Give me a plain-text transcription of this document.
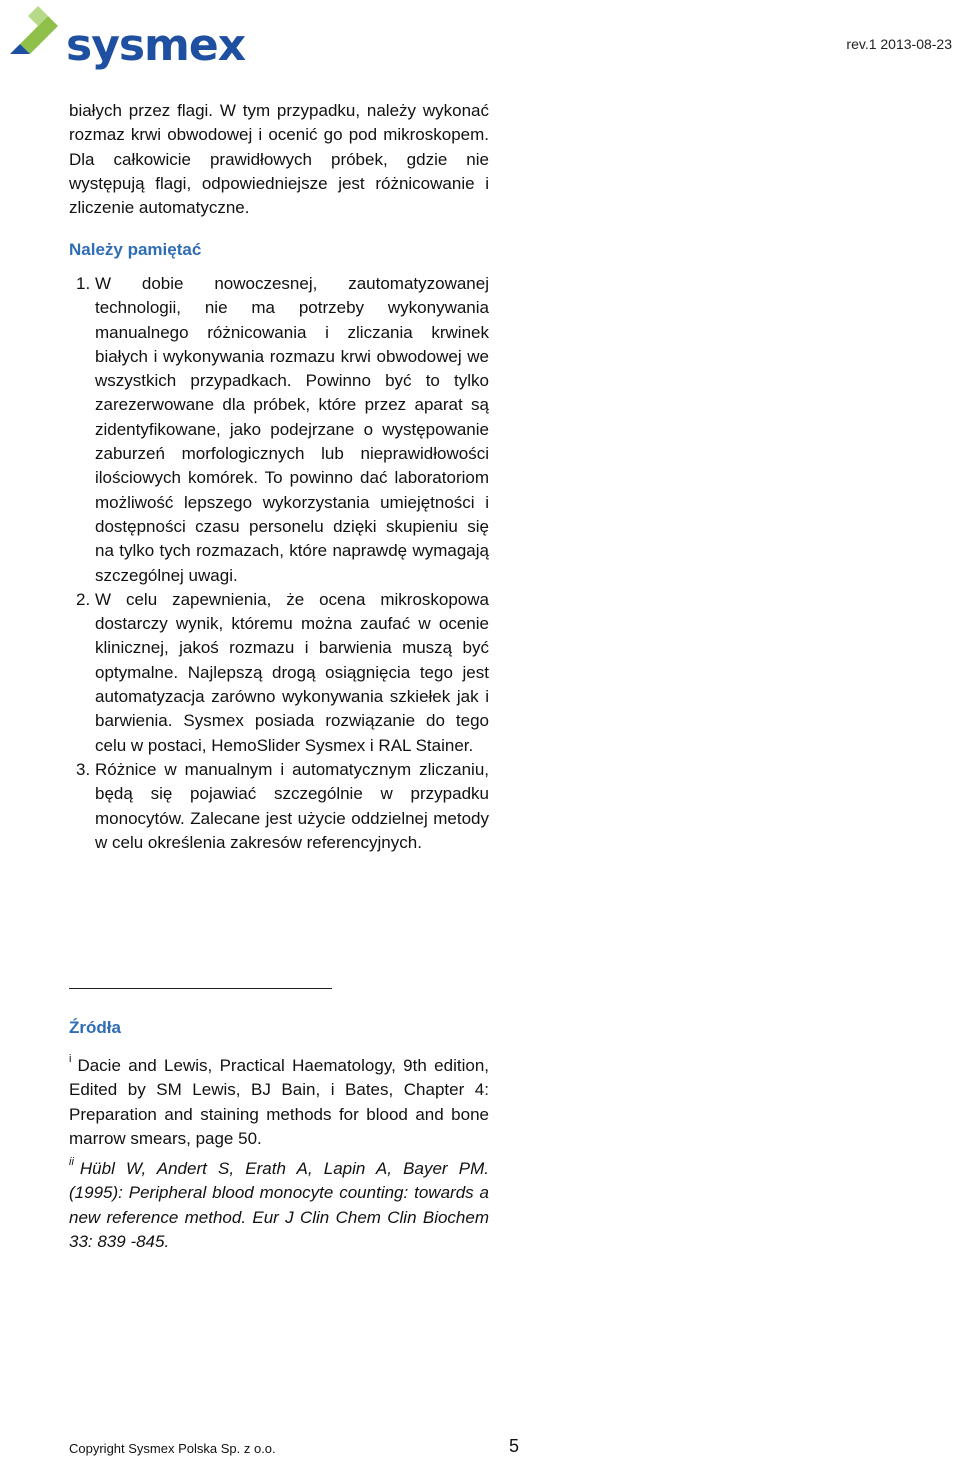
sysmex	rev.1 2013-08-23

białych przez flagi. W tym przypadku, należy wykonać rozmaz krwi obwodowej i ocenić go pod mikroskopem. Dla całkowicie prawidłowych próbek, gdzie nie występują flagi, odpowiedniejsze jest różnicowanie i zliczenie automatyczne.

Należy pamiętać
1. W dobie nowoczesnej, zautomatyzowanej technologii, nie ma potrzeby wykonywania manualnego różnicowania i zliczania krwinek białych i wykonywania rozmazu krwi obwodowej we wszystkich przypadkach. Powinno być to tylko zarezerwowane dla próbek, które przez aparat są zidentyfikowane, jako podejrzane o występowanie zaburzeń morfologicznych lub nieprawidłowości ilościowych komórek. To powinno dać laboratoriom możliwość lepszego wykorzystania umiejętności i dostępności czasu personelu dzięki skupieniu się na tylko tych rozmazach, które naprawdę wymagają szczególnej uwagi.
2. W celu zapewnienia, że ocena mikroskopowa dostarczy wynik, któremu można zaufać w ocenie klinicznej, jakoś rozmazu i barwienia muszą być optymalne. Najlepszą drogą osiągnięcia tego jest automatyzacja zarówno wykonywania szkiełek jak i barwienia. Sysmex posiada rozwiązanie do tego celu w postaci, HemoSlider Sysmex i RAL Stainer.
3. Różnice w manualnym i automatycznym zliczaniu, będą się pojawiać szczególnie w przypadku monocytów. Zalecane jest użycie oddzielnej metody w celu określenia zakresów referencyjnych.
Źródła
$^i$ Dacie and Lewis, Practical Haematology, 9th edition, Edited by SM Lewis, BJ Bain, i Bates, Chapter 4: Preparation and staining methods for blood and bone marrow smears, page 50.
$^{ii}$ Hübl W, Andert S, Erath A, Lapin A, Bayer PM. (1995): Peripheral blood monocyte counting: towards a new reference method. Eur J Clin Chem Clin Biochem 33: 839 -845.
Copyright Sysmex Polska Sp. z o.o.	5
